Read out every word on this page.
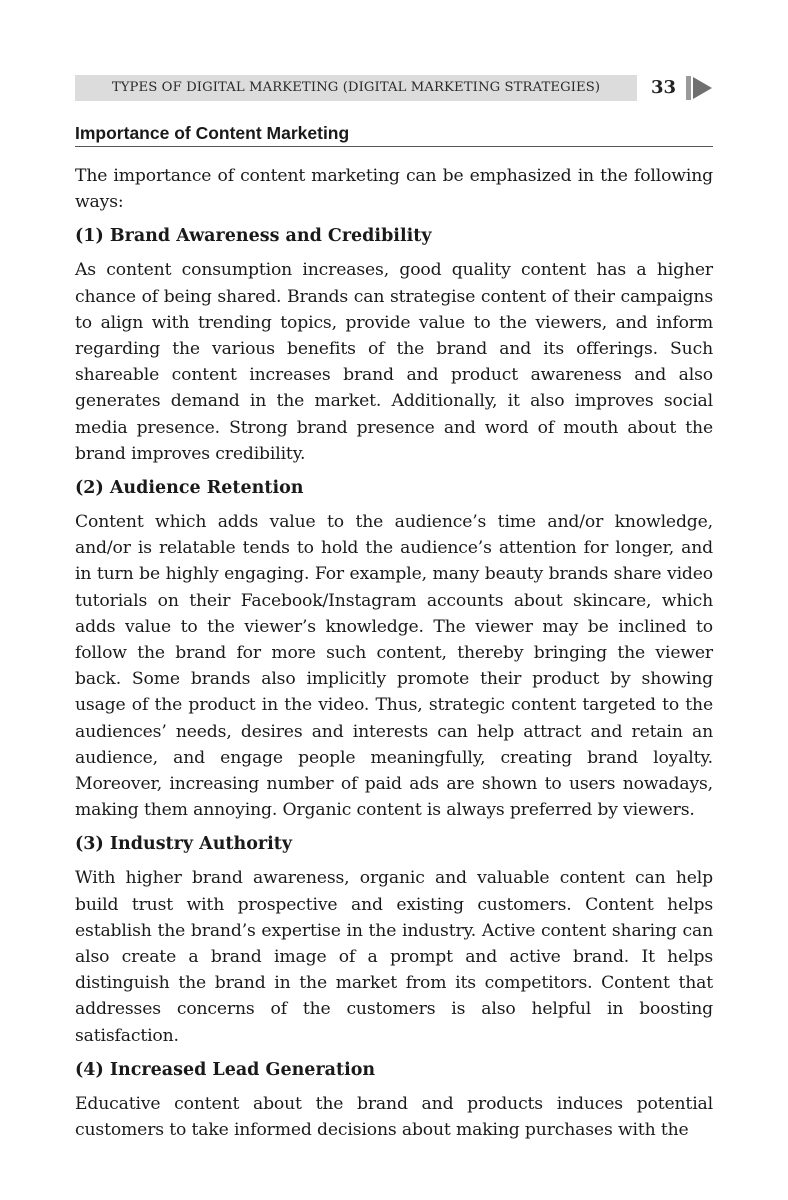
TYPES OF DIGITAL MARKETING (DIGITAL MARKETING STRATEGIES)	33
Importance of Content Marketing

The importance of content marketing can be emphasized in the following ways:

(1) Brand Awareness and Credibility

As content consumption increases, good quality content has a higher chance of being shared. Brands can strategise content of their campaigns to align with trending topics, provide value to the viewers, and inform regarding the various benefits of the brand and its offerings. Such shareable content increases brand and product awareness and also generates demand in the market. Additionally, it also improves social media presence. Strong brand presence and word of mouth about the brand improves credibility.

(2) Audience Retention

Content which adds value to the audience’s time and/or knowledge, and/or is relatable tends to hold the audience’s attention for longer, and in turn be highly engaging. For example, many beauty brands share video tutorials on their Facebook/Instagram accounts about skincare, which adds value to the viewer’s knowledge. The viewer may be inclined to follow the brand for more such content, thereby bringing the viewer back. Some brands also implicitly promote their product by showing usage of the product in the video. Thus, strategic content targeted to the audiences’ needs, desires and interests can help attract and retain an audience, and engage people meaningfully, creating brand loyalty. Moreover, increasing number of paid ads are shown to users nowadays, making them annoying. Organic content is always preferred by viewers.

(3) Industry Authority

With higher brand awareness, organic and valuable content can help build trust with prospective and existing customers. Content helps establish the brand’s expertise in the industry. Active content sharing can also create a brand image of a prompt and active brand. It helps distinguish the brand in the market from its competitors. Content that addresses concerns of the customers is also helpful in boosting satisfaction.

(4) Increased Lead Generation

Educative content about the brand and products induces potential customers to take informed decisions about making purchases with the
